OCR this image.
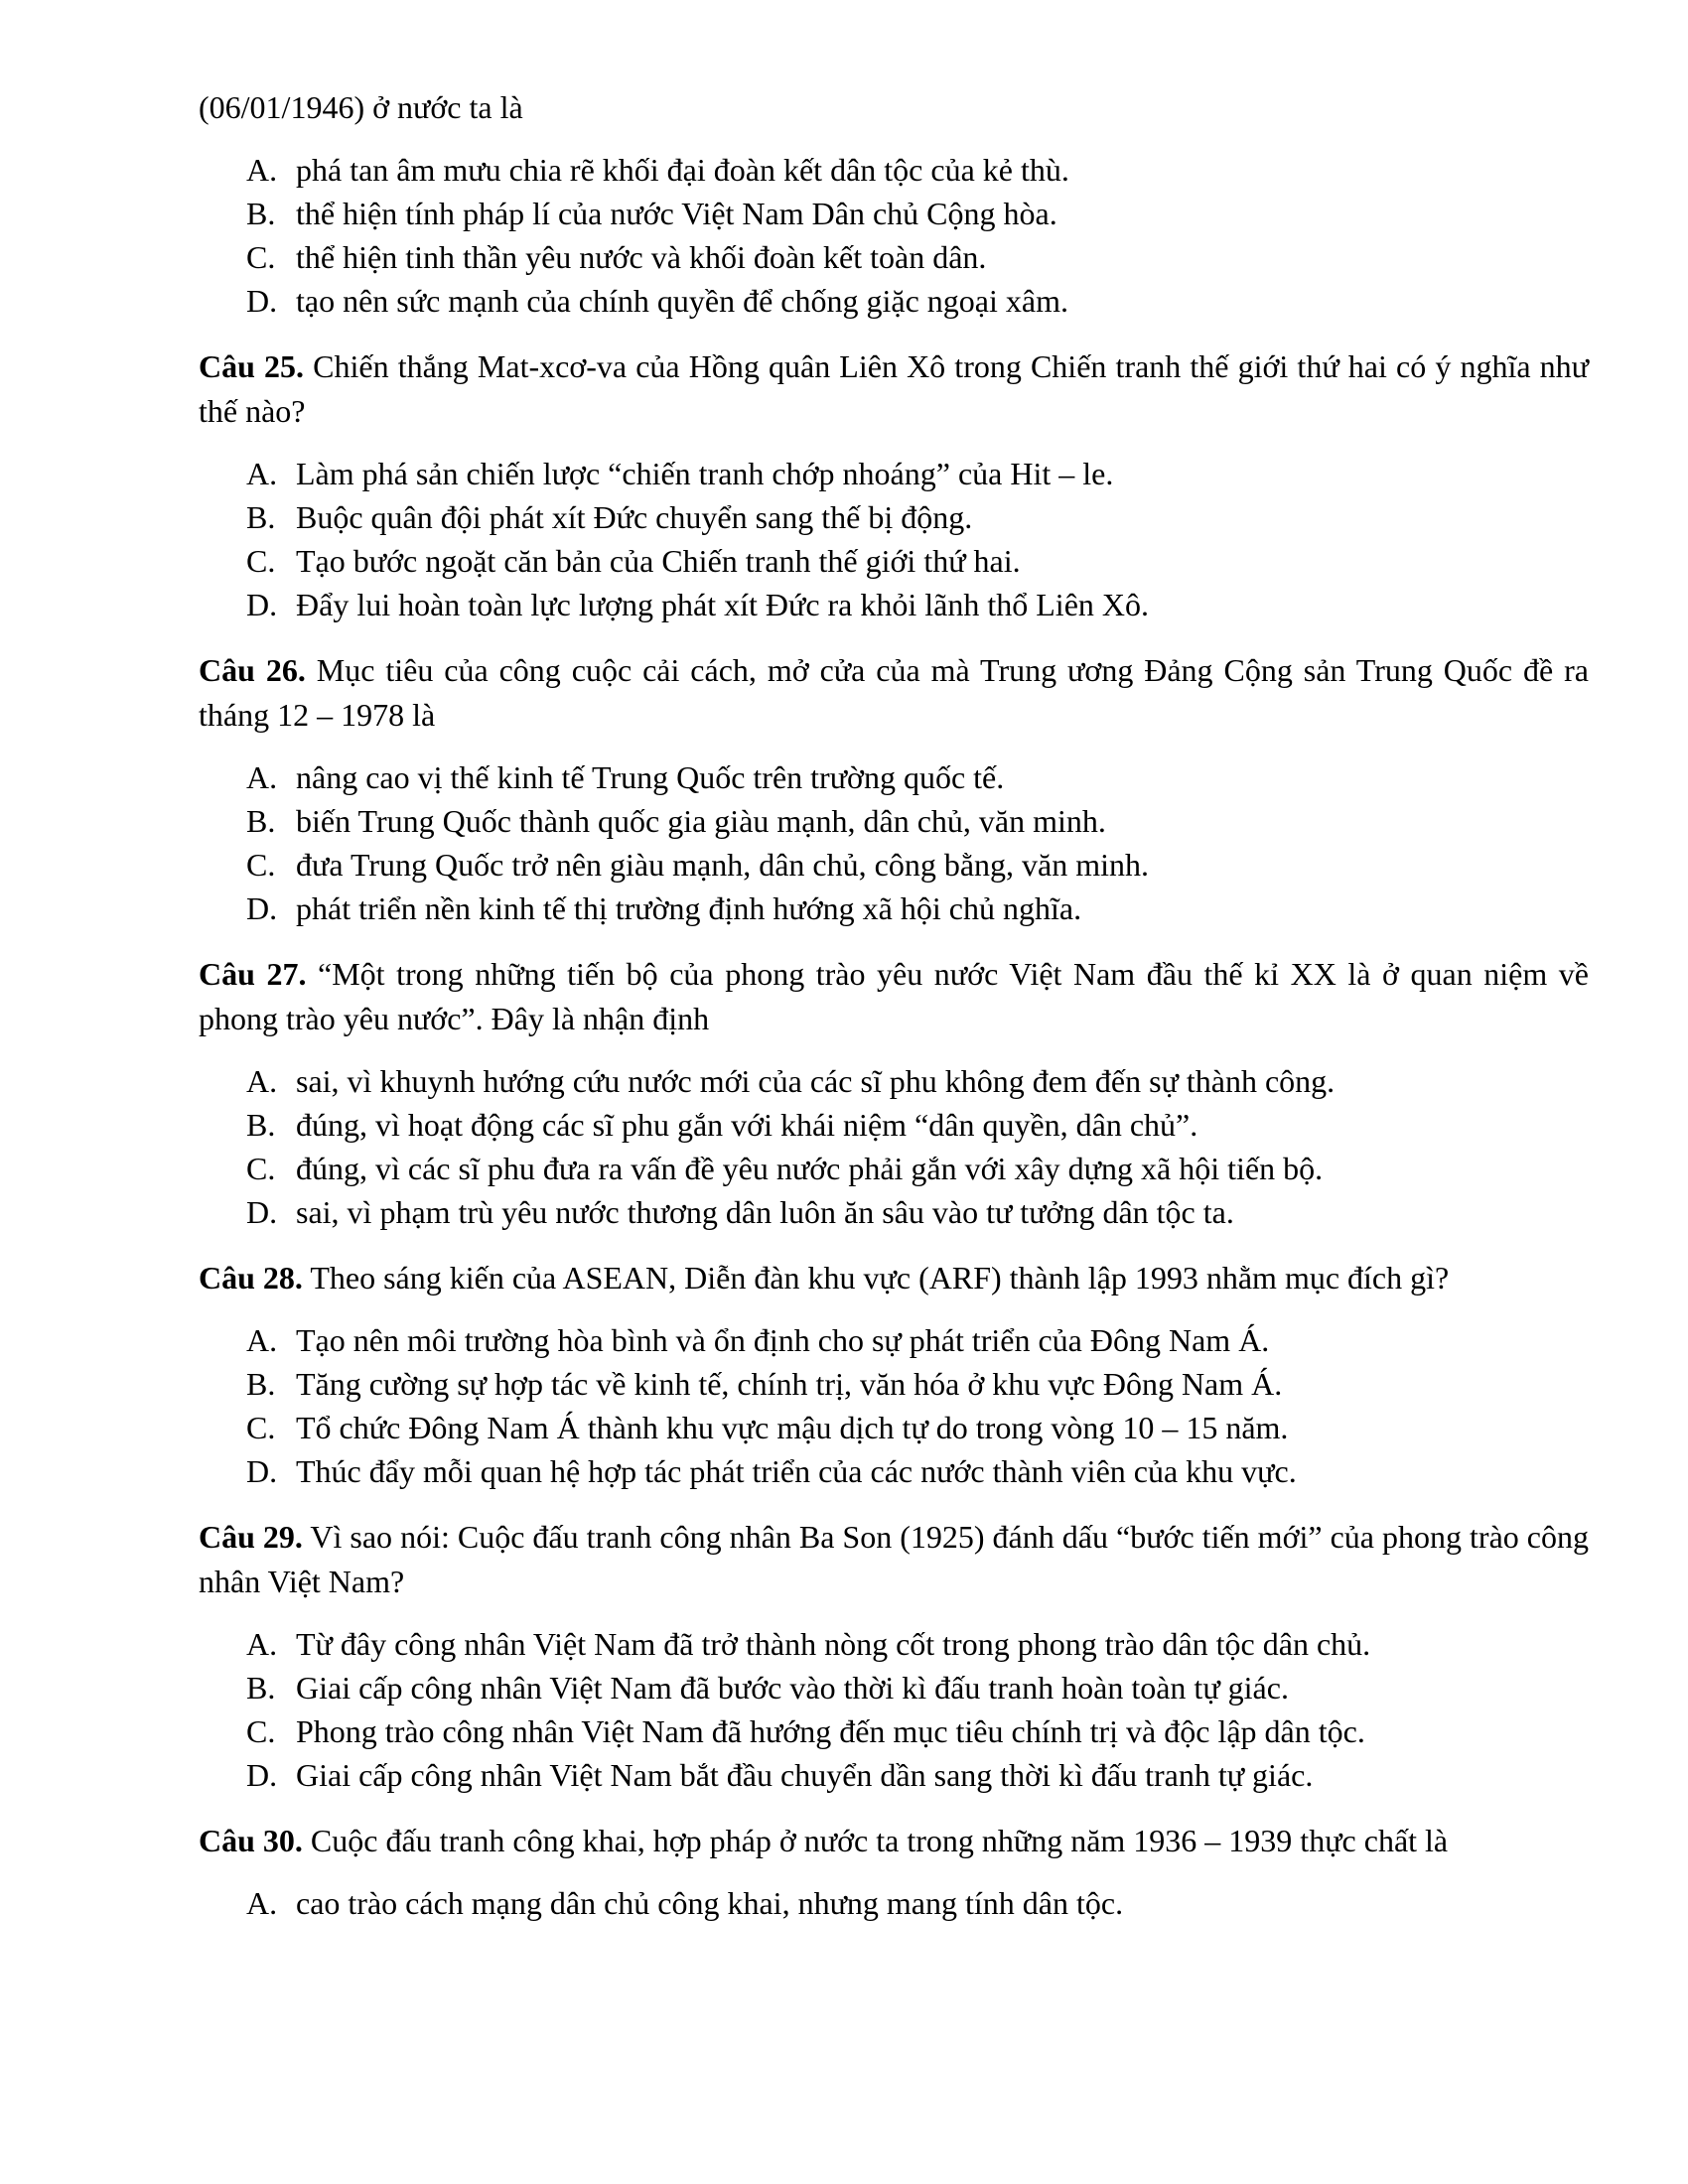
(06/01/1946) ở nước ta là

A. phá tan âm mưu chia rẽ khối đại đoàn kết dân tộc của kẻ thù.
B. thể hiện tính pháp lí của nước Việt Nam Dân chủ Cộng hòa.
C. thể hiện tinh thần yêu nước và khối đoàn kết toàn dân.
D. tạo nên sức mạnh của chính quyền để chống giặc ngoại xâm.

Câu 25. Chiến thắng Mat-xcơ-va của Hồng quân Liên Xô trong Chiến tranh thế giới thứ hai có ý nghĩa như thế nào?

A. Làm phá sản chiến lược “chiến tranh chớp nhoáng” của Hit – le.
B. Buộc quân đội phát xít Đức chuyển sang thế bị động.
C. Tạo bước ngoặt căn bản của Chiến tranh thế giới thứ hai.
D. Đẩy lui hoàn toàn lực lượng phát xít Đức ra khỏi lãnh thổ Liên Xô.

Câu 26. Mục tiêu của công cuộc cải cách, mở cửa của mà Trung ương Đảng Cộng sản Trung Quốc đề ra tháng 12 – 1978 là

A. nâng cao vị thế kinh tế Trung Quốc trên trường quốc tế.
B. biến Trung Quốc thành quốc gia giàu mạnh, dân chủ, văn minh.
C. đưa Trung Quốc trở nên giàu mạnh, dân chủ, công bằng, văn minh.
D. phát triển nền kinh tế thị trường định hướng xã hội chủ nghĩa.

Câu 27. “Một trong những tiến bộ của phong trào yêu nước Việt Nam đầu thế kỉ XX là ở quan niệm về phong trào yêu nước”. Đây là nhận định

A. sai, vì khuynh hướng cứu nước mới của các sĩ phu không đem đến sự thành công.
B. đúng, vì hoạt động các sĩ phu gắn với khái niệm “dân quyền, dân chủ”.
C. đúng, vì các sĩ phu đưa ra vấn đề yêu nước phải gắn với xây dựng xã hội tiến bộ.
D. sai, vì phạm trù yêu nước thương dân luôn ăn sâu vào tư tưởng dân tộc ta.

Câu 28. Theo sáng kiến của ASEAN, Diễn đàn khu vực (ARF) thành lập 1993 nhằm mục đích gì?

A. Tạo nên môi trường hòa bình và ổn định cho sự phát triển của Đông Nam Á.
B. Tăng cường sự hợp tác về kinh tế, chính trị, văn hóa ở khu vực Đông Nam Á.
C. Tổ chức Đông Nam Á thành khu vực mậu dịch tự do trong vòng 10 – 15 năm.
D. Thúc đẩy mỗi quan hệ hợp tác phát triển của các nước thành viên của khu vực.

Câu 29. Vì sao nói: Cuộc đấu tranh công nhân Ba Son (1925) đánh dấu “bước tiến mới” của phong trào công nhân Việt Nam?

A. Từ đây công nhân Việt Nam đã trở thành nòng cốt trong phong trào dân tộc dân chủ.
B. Giai cấp công nhân Việt Nam đã bước vào thời kì đấu tranh hoàn toàn tự giác.
C. Phong trào công nhân Việt Nam đã hướng đến mục tiêu chính trị và độc lập dân tộc.
D. Giai cấp công nhân Việt Nam bắt đầu chuyển dần sang thời kì đấu tranh tự giác.

Câu 30. Cuộc đấu tranh công khai, hợp pháp ở nước ta trong những năm 1936 – 1939 thực chất là

A. cao trào cách mạng dân chủ công khai, nhưng mang tính dân tộc.
